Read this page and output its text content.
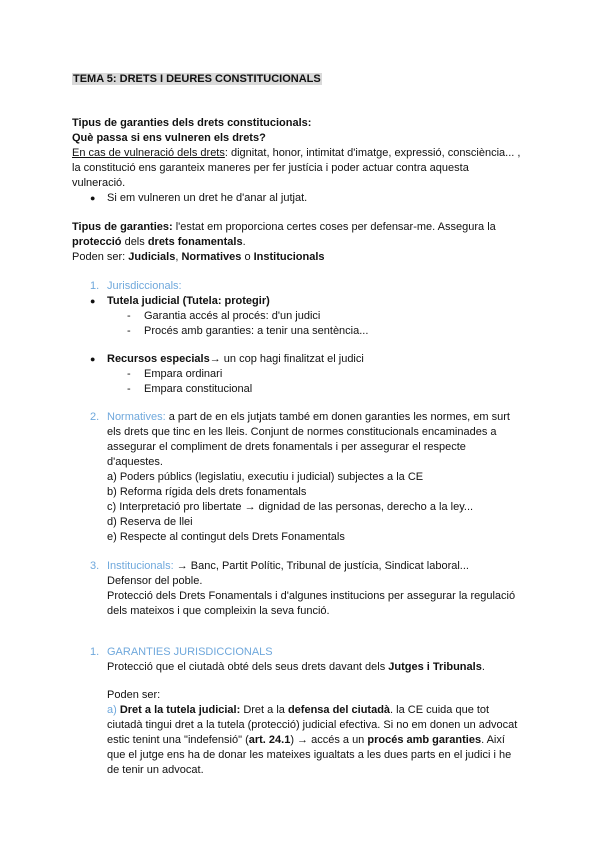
TEMA 5: DRETS I DEURES CONSTITUCIONALS
Tipus de garanties dels drets constitucionals:
Què passa si ens vulneren els drets?
En cas de vulneració dels drets: dignitat, honor, intimitat d'imatge, expressió, consciència... ,
la constitució ens garanteix maneres per fer justícia i poder actuar contra aquesta
vulneració.
● Si em vulneren un dret he d'anar al jutjat.
Tipus de garanties: l'estat em proporciona certes coses per defensar-me. Assegura la
protecció dels drets fonamentals.
Poden ser: Judicials, Normatives o Institucionals
1. Jurisdiccionals:
● Tutela judicial (Tutela: protegir)
- Garantia accés al procés: d'un judici
- Procés amb garanties: a tenir una sentència...
● Recursos especials→ un cop hagi finalitzat el judici
- Empara ordinari
- Empara constitucional
2. Normatives: a part de en els jutjats també em donen garanties les normes, em surt
els drets que tinc en les lleis. Conjunt de normes constitucionals encaminades a
assegurar el compliment de drets fonamentals i per assegurar el respecte
d'aquestes.
a) Poders públics (legislatiu, executiu i judicial) subjectes a la CE
b) Reforma rígida dels drets fonamentals
c) Interpretació pro libertate → dignidad de las personas, derecho a la ley...
d) Reserva de llei
e) Respecte al contingut dels Drets Fonamentals
3. Institucionals: → Banc, Partit Polític, Tribunal de justícia, Sindicat laboral...
Defensor del poble.
Protecció dels Drets Fonamentals i d'algunes institucions per assegurar la regulació
dels mateixos i que compleixin la seva funció.
1. GARANTIES JURISDICCIONALS
Protecció que el ciutadà obté dels seus drets davant dels Jutges i Tribunals.
Poden ser:
a) Dret a la tutela judicial: Dret a la defensa del ciutadà. la CE cuida que tot
ciutadà tingui dret a la tutela (protecció) judicial efectiva. Si no em donen un advocat
estic tenint una "indefensió" (art. 24.1) → accés a un procés amb garanties. Així
que el jutge ens ha de donar les mateixes igualtats a les dues parts en el judici i he
de tenir un advocat.
